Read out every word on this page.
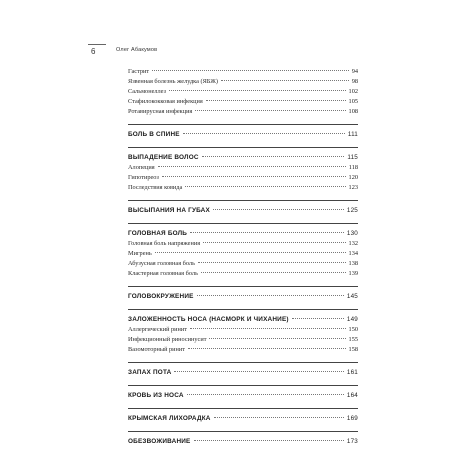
6	Олег Абакумов
Гастрит	94
Язвенная болезнь желудка (ЯБЖ)	98
Сальмонеллез	102
Стафилококковая инфекция	105
Ротавирусная инфекция	108
БОЛЬ В СПИНЕ	111
ВЫПАДЕНИЕ ВОЛОС	115
Алопеция	118
Гипотиреоз	120
Последствия ковида	123
ВЫСЫПАНИЯ НА ГУБАХ	125
ГОЛОВНАЯ БОЛЬ	130
Головная боль напряжения	132
Мигрень	134
Абузусная головная боль	138
Кластерная головная боль	139
ГОЛОВОКРУЖЕНИЕ	145
ЗАЛОЖЕННОСТЬ НОСА (НАСМОРК И ЧИХАНИЕ)	149
Аллергический ринит	150
Инфекционный риносинусит	155
Вазомоторный ринит	158
ЗАПАХ ПОТА	161
КРОВЬ ИЗ НОСА	164
КРЫМСКАЯ ЛИХОРАДКА	169
ОБЕЗВОЖИВАНИЕ	173
